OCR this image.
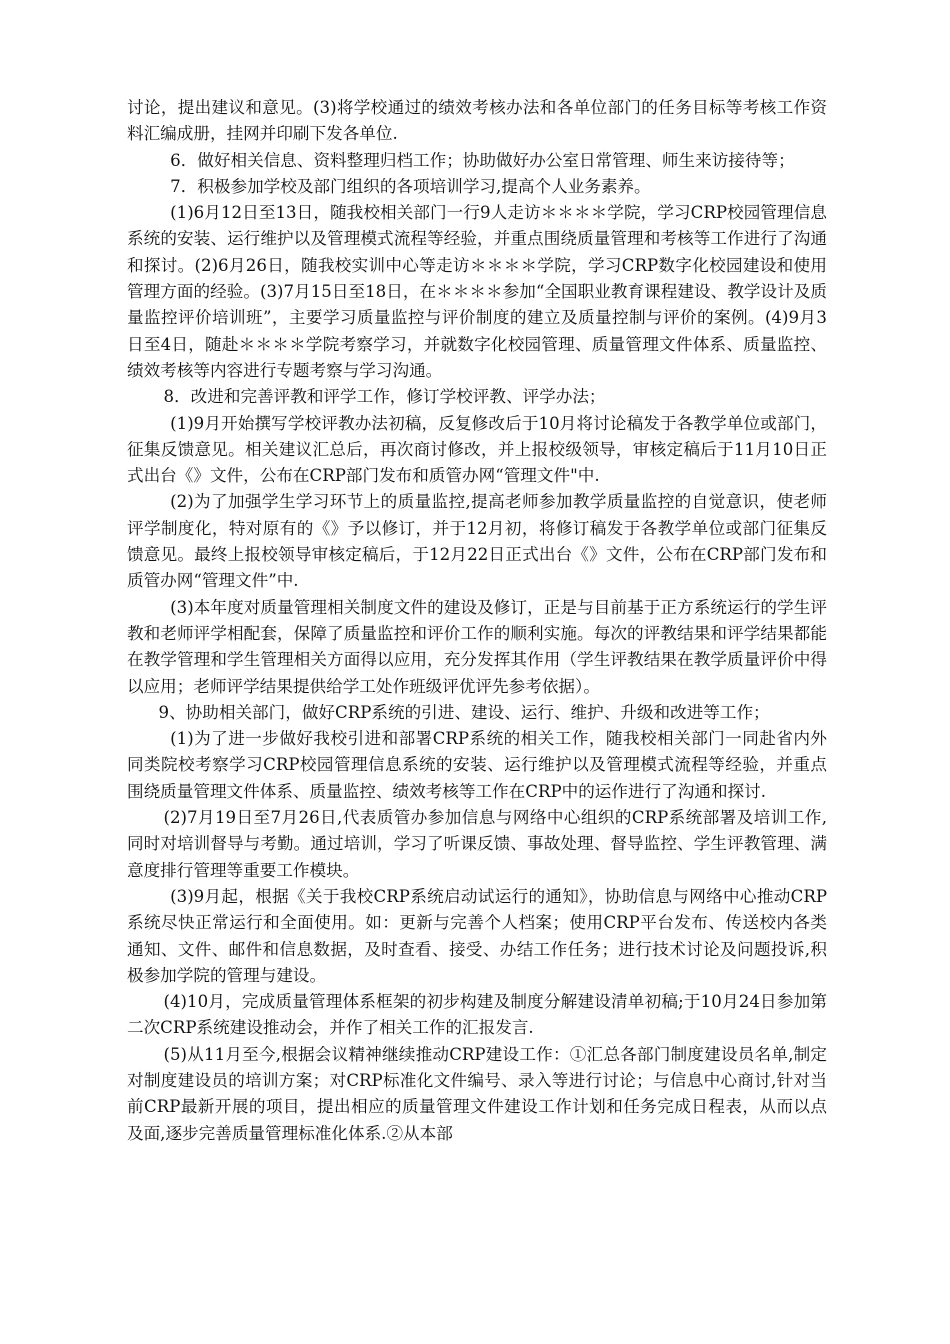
讨论，提出建议和意见。(3)将学校通过的绩效考核办法和各单位部门的任务目标等考核工作资料汇编成册，挂网并印刷下发各单位.

6．做好相关信息、资料整理归档工作；协助做好办公室日常管理、师生来访接待等；

7．积极参加学校及部门组织的各项培训学习,提高个人业务素养。

(1)6月12日至13日，随我校相关部门一行9人走访＊＊＊＊学院，学习CRP校园管理信息系统的安装、运行维护以及管理模式流程等经验，并重点围绕质量管理和考核等工作进行了沟通和探讨。(2)6月26日，随我校实训中心等走访＊＊＊＊学院，学习CRP数字化校园建设和使用管理方面的经验。(3)7月15日至18日，在＊＊＊＊参加“全国职业教育课程建设、教学设计及质量监控评价培训班”，主要学习质量监控与评价制度的建立及质量控制与评价的案例。(4)9月3日至4日，随赴＊＊＊＊学院考察学习，并就数字化校园管理、质量管理文件体系、质量监控、绩效考核等内容进行专题考察与学习沟通。

8．改进和完善评教和评学工作，修订学校评教、评学办法；

(1)9月开始撰写学校评教办法初稿，反复修改后于10月将讨论稿发于各教学单位或部门，征集反馈意见。相关建议汇总后，再次商讨修改，并上报校级领导，审核定稿后于11月10日正式出台《》文件，公布在CRP部门发布和质管办网“管理文件"中.

(2)为了加强学生学习环节上的质量监控,提高老师参加教学质量监控的自觉意识，使老师评学制度化，特对原有的《》予以修订，并于12月初，将修订稿发于各教学单位或部门征集反馈意见。最终上报校领导审核定稿后，于12月22日正式出台《》文件，公布在CRP部门发布和质管办网“管理文件”中.

(3)本年度对质量管理相关制度文件的建设及修订，正是与目前基于正方系统运行的学生评教和老师评学相配套，保障了质量监控和评价工作的顺利实施。每次的评教结果和评学结果都能在教学管理和学生管理相关方面得以应用，充分发挥其作用（学生评教结果在教学质量评价中得以应用；老师评学结果提供给学工处作班级评优评先参考依据）。

9、协助相关部门，做好CRP系统的引进、建设、运行、维护、升级和改进等工作；

(1)为了进一步做好我校引进和部署CRP系统的相关工作，随我校相关部门一同赴省内外同类院校考察学习CRP校园管理信息系统的安装、运行维护以及管理模式流程等经验，并重点围绕质量管理文件体系、质量监控、绩效考核等工作在CRP中的运作进行了沟通和探讨.

(2)7月19日至7月26日,代表质管办参加信息与网络中心组织的CRP系统部署及培训工作,同时对培训督导与考勤。通过培训，学习了听课反馈、事故处理、督导监控、学生评教管理、满意度排行管理等重要工作模块。

(3)9月起，根据《关于我校CRP系统启动试运行的通知》，协助信息与网络中心推动CRP系统尽快正常运行和全面使用。如：更新与完善个人档案；使用CRP平台发布、传送校内各类通知、文件、邮件和信息数据，及时查看、接受、办结工作任务；进行技术讨论及问题投诉,积极参加学院的管理与建设。

(4)10月，完成质量管理体系框架的初步构建及制度分解建设清单初稿;于10月24日参加第二次CRP系统建设推动会，并作了相关工作的汇报发言.

(5)从11月至今,根据会议精神继续推动CRP建设工作：①汇总各部门制度建设员名单,制定对制度建设员的培训方案；对CRP标准化文件编号、录入等进行讨论；与信息中心商讨,针对当前CRP最新开展的项目，提出相应的质量管理文件建设工作计划和任务完成日程表，从而以点及面,逐步完善质量管理标准化体系.②从本部
